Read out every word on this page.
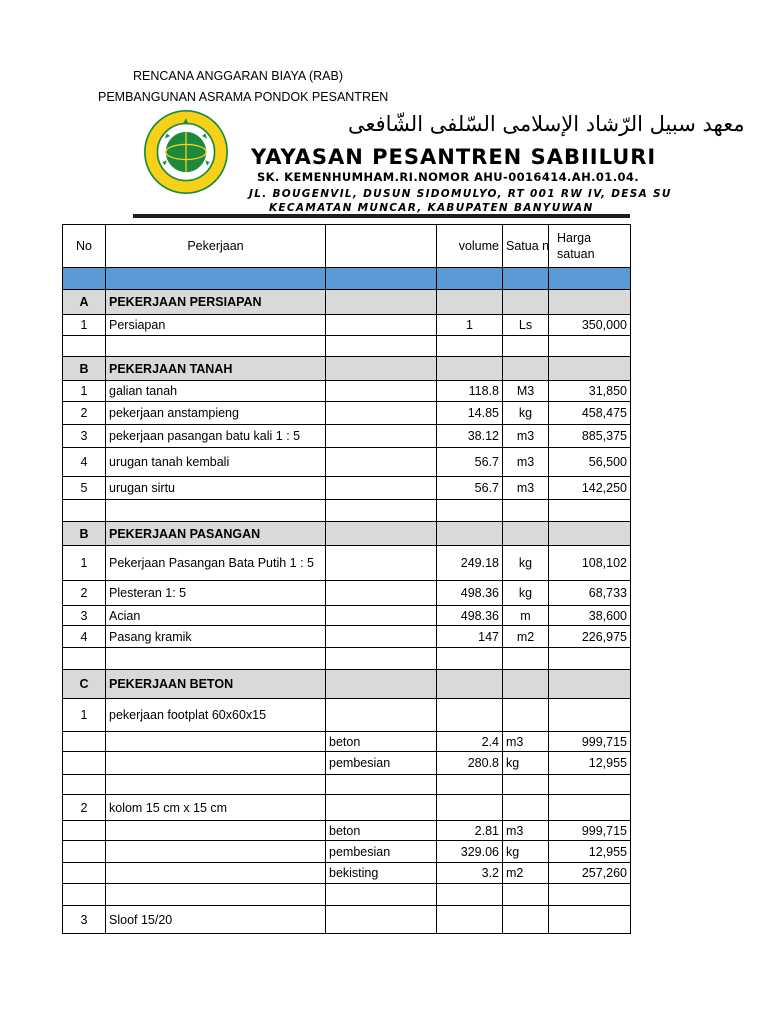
RENCANA ANGGARAN BIAYA (RAB)
PEMBANGUNAN ASRAMA PONDOK PESANTREN
معهد سبيل الرّشاد الإسلامى السّلفى الشّافعى
YAYASAN PESANTREN SABIILURI
SK. KEMENHUMHAM.RI.NOMOR AHU-0016414.AH.01.04.
JL. BOUGENVIL, DUSUN SIDOMULYO, RT 001 RW IV, DESA SU
KECAMATAN MUNCAR, KABUPATEN BANYUWAN
No	Pekerjaan		volume	Satua n	Harga satuan

A	PEKERJAAN PERSIAPAN				
1	Persiapan		1	Ls	350,000

B	PEKERJAAN TANAH				
1	galian tanah		118.8	M3	31,850
2	pekerjaan anstampieng		14.85	kg	458,475
3	pekerjaan pasangan batu kali 1 : 5		38.12	m3	885,375
4	urugan tanah kembali		56.7	m3	56,500
5	urugan sirtu		56.7	m3	142,250

B	PEKERJAAN PASANGAN				
1	Pekerjaan Pasangan Bata Putih 1 : 5		249.18	kg	108,102
2	Plesteran 1: 5		498.36	kg	68,733
3	Acian		498.36	m	38,600
4	Pasang kramik		147	m2	226,975

C	PEKERJAAN BETON				
1	pekerjaan footplat 60x60x15				
		beton	2.4	m3	999,715
		pembesian	280.8	kg	12,955

2	kolom 15 cm x 15 cm				
		beton	2.81	m3	999,715
		pembesian	329.06	kg	12,955
		bekisting	3.2	m2	257,260

3	Sloof 15/20				
